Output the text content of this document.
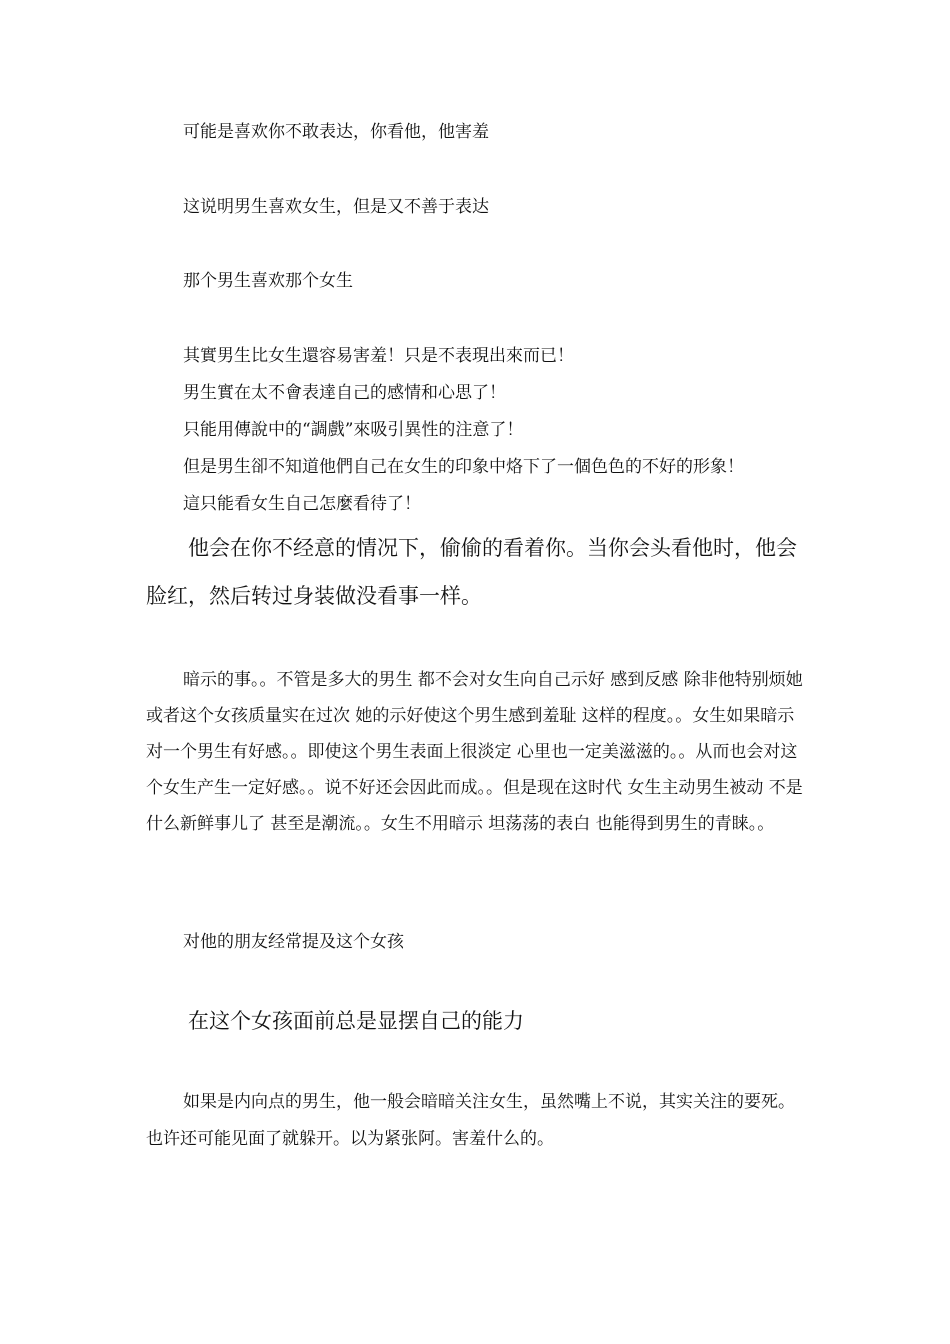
可能是喜欢你不敢表达，你看他，他害羞

这说明男生喜欢女生，但是又不善于表达

那个男生喜欢那个女生

其實男生比女生還容易害羞！只是不表現出來而已！
男生實在太不會表達自己的感情和心思了！
只能用傳說中的“調戲”來吸引異性的注意了！
但是男生卻不知道他們自己在女生的印象中烙下了一個色色的不好的形象！
這只能看女生自己怎麼看待了！

他会在你不经意的情况下，偷偷的看着你。当你会头看他时，他会脸红，然后转过身装做没看事一样。

暗示的事。。不管是多大的男生 都不会对女生向自己示好 感到反感 除非他特别烦她 或者这个女孩质量实在过次 她的示好使这个男生感到羞耻 这样的程度。。女生如果暗示对一个男生有好感。。即使这个男生表面上很淡定 心里也一定美滋滋的。。从而也会对这个女生产生一定好感。。说不好还会因此而成。。但是现在这时代 女生主动男生被动 不是什么新鲜事儿了 甚至是潮流。。女生不用暗示 坦荡荡的表白 也能得到男生的青睐。。

对他的朋友经常提及这个女孩

在这个女孩面前总是显摆自己的能力

如果是内向点的男生，他一般会暗暗关注女生，虽然嘴上不说，其实关注的要死。也许还可能见面了就躲开。以为紧张阿。害羞什么的。
